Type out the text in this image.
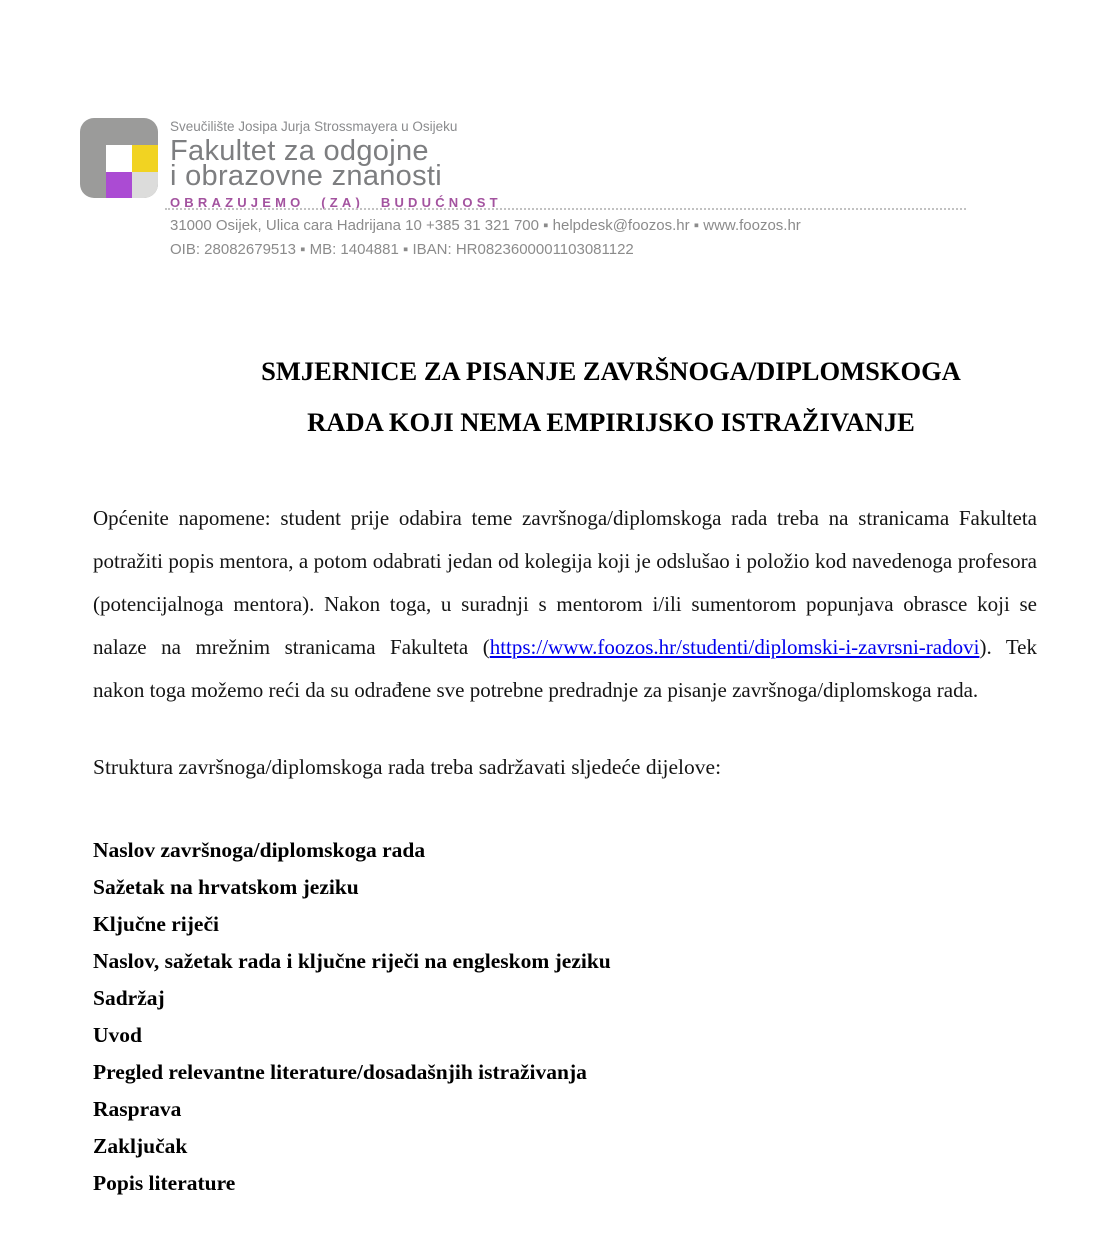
Sveučilište Josipa Jurja Strossmayera u Osijeku
Fakultet za odgojne
i obrazovne znanosti
OBRAZUJEMO (ZA) BUDUĆNOST
31000 Osijek, Ulica cara Hadrijana 10 +385 31 321 700 ▪ helpdesk@foozos.hr ▪ www.foozos.hr
OIB: 28082679513 ▪ MB: 1404881 ▪ IBAN: HR0823600001103081122
SMJERNICE ZA PISANJE ZAVRŠNOGA/DIPLOMSKOGA
RADA KOJI NEMA EMPIRIJSKO ISTRAŽIVANJE

Općenite napomene: student prije odabira teme završnoga/diplomskoga rada treba na stranicama Fakulteta potražiti popis mentora, a potom odabrati jedan od kolegija koji je odslušao i položio kod navedenoga profesora (potencijalnoga mentora). Nakon toga, u suradnji s mentorom i/ili sumentorom popunjava obrasce koji se nalaze na mrežnim stranicama Fakulteta (https://www.foozos.hr/studenti/diplomski-i-zavrsni-radovi). Tek nakon toga možemo reći da su odrađene sve potrebne predradnje za pisanje završnoga/diplomskoga rada.

Struktura završnoga/diplomskoga rada treba sadržavati sljedeće dijelove:

Naslov završnoga/diplomskoga rada
Sažetak na hrvatskom jeziku
Ključne riječi
Naslov, sažetak rada i ključne riječi na engleskom jeziku
Sadržaj
Uvod
Pregled relevantne literature/dosadašnjih istraživanja
Rasprava
Zaključak
Popis literature
